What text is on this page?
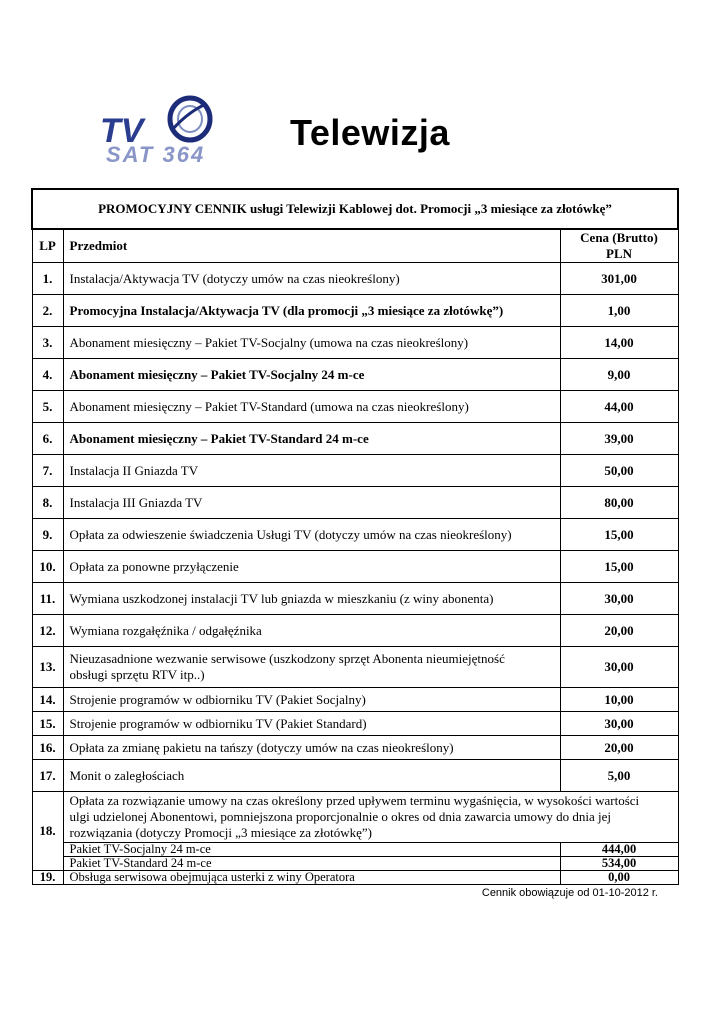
TV
SAT 364
Telewizja
PROMOCYJNY CENNIK usługi Telewizji Kablowej dot. Promocji „3 miesiące za złotówkę”		
LP	Przedmiot	Cena (Brutto)
PLN
1.	Instalacja/Aktywacja TV (dotyczy umów na czas nieokreślony)	301,00
2.	Promocyjna Instalacja/Aktywacja TV (dla promocji „3 miesiące za złotówkę”)	1,00
3.	Abonament miesięczny – Pakiet TV-Socjalny (umowa na czas nieokreślony)	14,00
4.	Abonament miesięczny – Pakiet TV-Socjalny 24 m-ce	9,00
5.	Abonament miesięczny – Pakiet TV-Standard (umowa na czas nieokreślony)	44,00
6.	Abonament miesięczny – Pakiet TV-Standard 24 m-ce	39,00
7.	Instalacja II Gniazda TV	50,00
8.	Instalacja III Gniazda TV	80,00
9.	Opłata za odwieszenie świadczenia Usługi TV (dotyczy umów na czas nieokreślony)	15,00
10.	Opłata za ponowne przyłączenie	15,00
11.	Wymiana uszkodzonej instalacji TV lub gniazda w mieszkaniu (z winy abonenta)	30,00
12.	Wymiana rozgałęźnika / odgałęźnika	20,00
13.	Nieuzasadnione wezwanie serwisowe (uszkodzony sprzęt Abonenta nieumiejętność
obsługi sprzętu RTV itp..)	30,00
14.	Strojenie programów w odbiorniku TV (Pakiet Socjalny)	10,00
15.	Strojenie programów w odbiorniku TV (Pakiet Standard)	30,00
16.	Opłata za zmianę pakietu na tańszy (dotyczy umów na czas nieokreślony)	20,00
17.	Monit o zaległościach	5,00
18.	Opłata za rozwiązanie umowy na czas określony przed upływem terminu wygaśnięcia, w wysokości wartości
ulgi udzielonej Abonentowi, pomniejszona proporcjonalnie o okres od dnia zawarcia umowy do dnia jej
rozwiązania (dotyczy Promocji „3 miesiące za złotówkę”)	
	Pakiet TV-Socjalny 24 m-ce	444,00
	Pakiet TV-Standard 24 m-ce	534,00
19.	Obsługa serwisowa obejmująca usterki z winy Operatora	0,00
Cennik obowiązuje od 01-10-2012 r.
